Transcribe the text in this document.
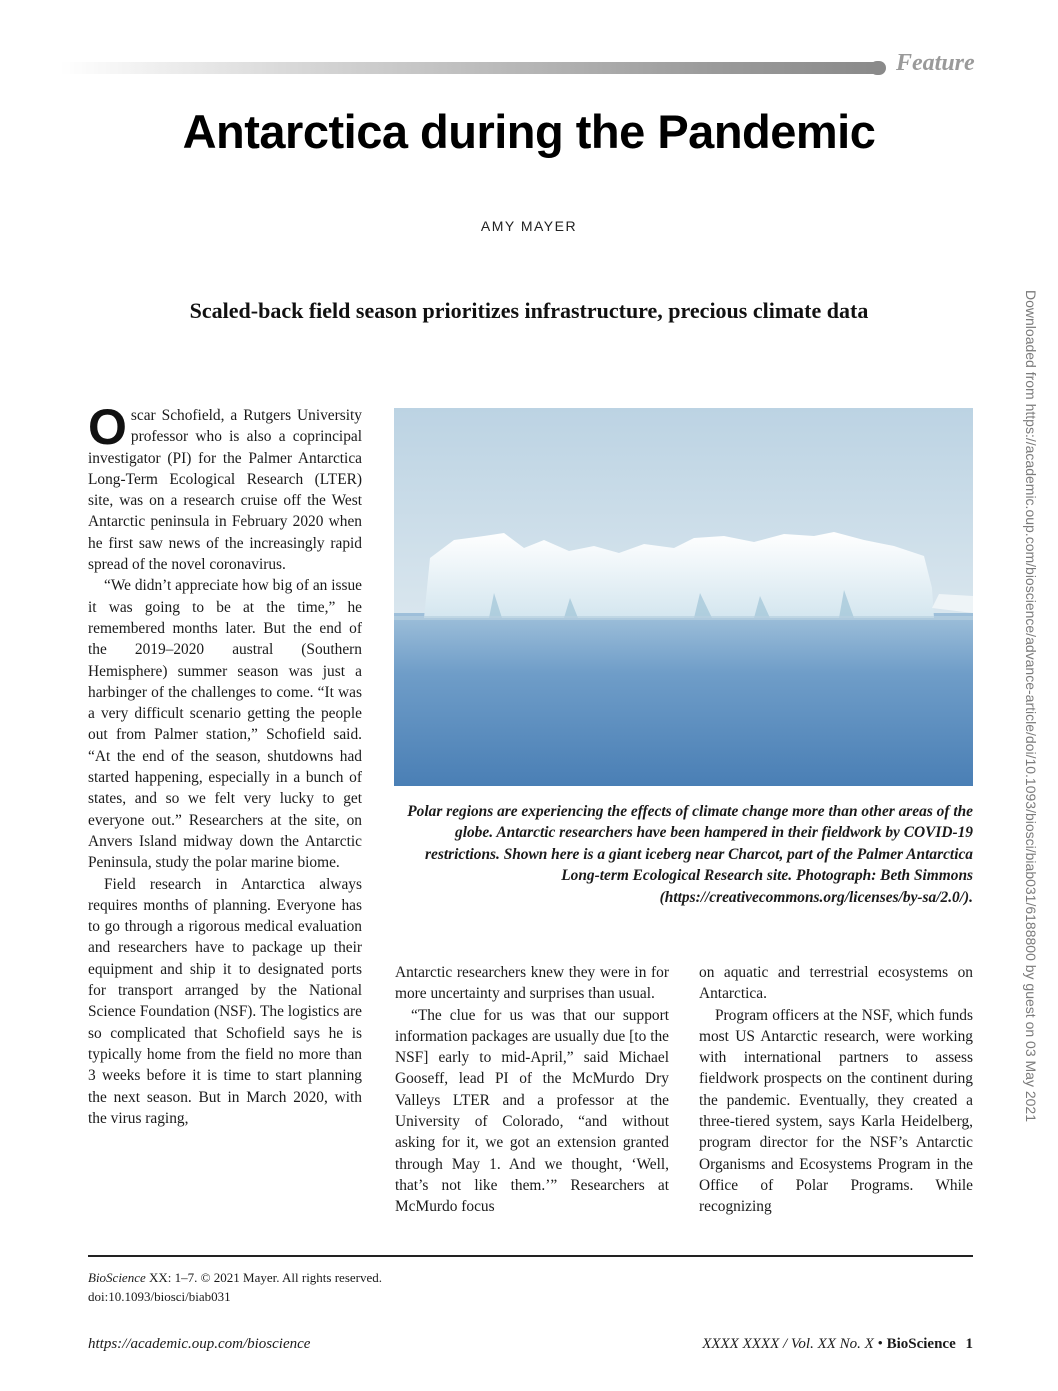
Feature
Antarctica during the Pandemic
AMY MAYER
Scaled-back field season prioritizes infrastructure, precious climate data	Downloaded from https://academic.oup.com/bioscience/advance-article/doi/10.1093/biosci/biab031/6188800 by guest on 03 May 2021

Oscar Schofield, a Rutgers University professor who is also a coprincipal investigator (PI) for the Palmer Antarctica Long-Term Ecological Research (LTER) site, was on a research cruise off the West Antarctic peninsula in February 2020 when he first saw news of the increasingly rapid spread of the novel coronavirus.

“We didn’t appreciate how big of an issue it was going to be at the time,” he remembered months later. But the end of the 2019–2020 austral (Southern Hemisphere) summer season was just a harbinger of the challenges to come. “It was a very difficult scenario getting the people out from Palmer station,” Schofield said. “At the end of the season, shutdowns had started happening, especially in a bunch of states, and so we felt very lucky to get everyone out.” Researchers at the site, on Anvers Island midway down the Antarctic Peninsula, study the polar marine biome.

Field research in Antarctica always requires months of planning. Everyone has to go through a rigorous medical evaluation and researchers have to package up their equipment and ship it to designated ports for transport arranged by the National Science Foundation (NSF). The logistics are so complicated that Schofield says he is typically home from the field no more than 3 weeks before it is time to start planning the next season. But in March 2020, with the virus raging,

Polar regions are experiencing the effects of climate change more than other areas of the globe. Antarctic researchers have been hampered in their fieldwork by COVID-19 restrictions. Shown here is a giant iceberg near Charcot, part of the Palmer Antarctica Long-term Ecological Research site. Photograph: Beth Simmons (https://creativecommons.org/licenses/by-sa/2.0/).

Antarctic researchers knew they were in for more uncertainty and surprises than usual.

“The clue for us was that our support information packages are usually due [to the NSF] early to mid-April,” said Michael Gooseff, lead PI of the McMurdo Dry Valleys LTER and a professor at the University of Colorado, “and without asking for it, we got an extension granted through May 1. And we thought, ‘Well, that’s not like them.’” Researchers at McMurdo focus

on aquatic and terrestrial ecosystems on Antarctica.

Program officers at the NSF, which funds most US Antarctic research, were working with international partners to assess fieldwork prospects on the continent during the pandemic. Eventually, they created a three-tiered system, says Karla Heidelberg, program director for the NSF’s Antarctic Organisms and Ecosystems Program in the Office of Polar Programs. While recognizing

BioScience XX: 1–7. © 2021 Mayer. All rights reserved.
doi:10.1093/biosci/biab031
https://academic.oup.com/bioscience	XXXX XXXX / Vol. XX No. X • BioScience 1
